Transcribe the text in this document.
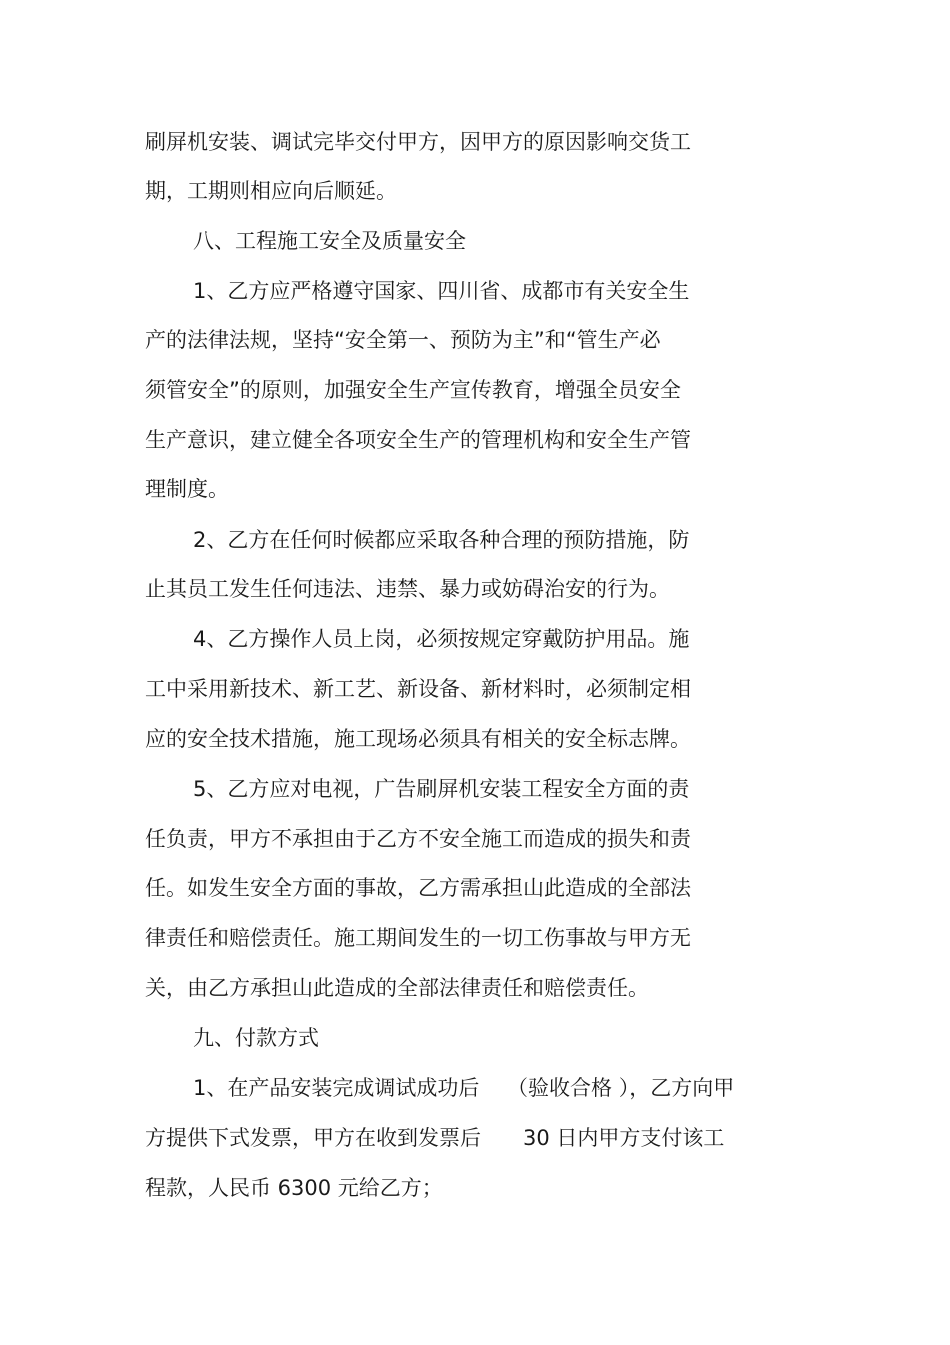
刷屏机安装、调试完毕交付甲方，因甲方的原因影响交货工
期，工期则相应向后顺延。
八、工程施工安全及质量安全
1、乙方应严格遵守国家、四川省、成都市有关安全生
产的法律法规，坚持“安全第一、预防为主”和“管生产必
须管安全”的原则，加强安全生产宣传教育，增强全员安全
生产意识，建立健全各项安全生产的管理机构和安全生产管
理制度。
2、乙方在任何时候都应采取各种合理的预防措施，防
止其员工发生任何违法、违禁、暴力或妨碍治安的行为。
4、乙方操作人员上岗，必须按规定穿戴防护用品。施
工中采用新技术、新工艺、新设备、新材料时，必须制定相
应的安全技术措施，施工现场必须具有相关的安全标志牌。
5、乙方应对电视，广告刷屏机安装工程安全方面的责
任负责，甲方不承担由于乙方不安全施工而造成的损失和责
任。如发生安全方面的事故，乙方需承担山此造成的全部法
律责任和赔偿责任。施工期间发生的一切工伤事故与甲方无
关，由乙方承担山此造成的全部法律责任和赔偿责任。
九、付款方式
1、在产品安装完成调试成功后　 （验收合格 ），乙方向甲
方提供下式发票，甲方在收到发票后　　30 日内甲方支付该工
程款，人民币 6300 元给乙方；
